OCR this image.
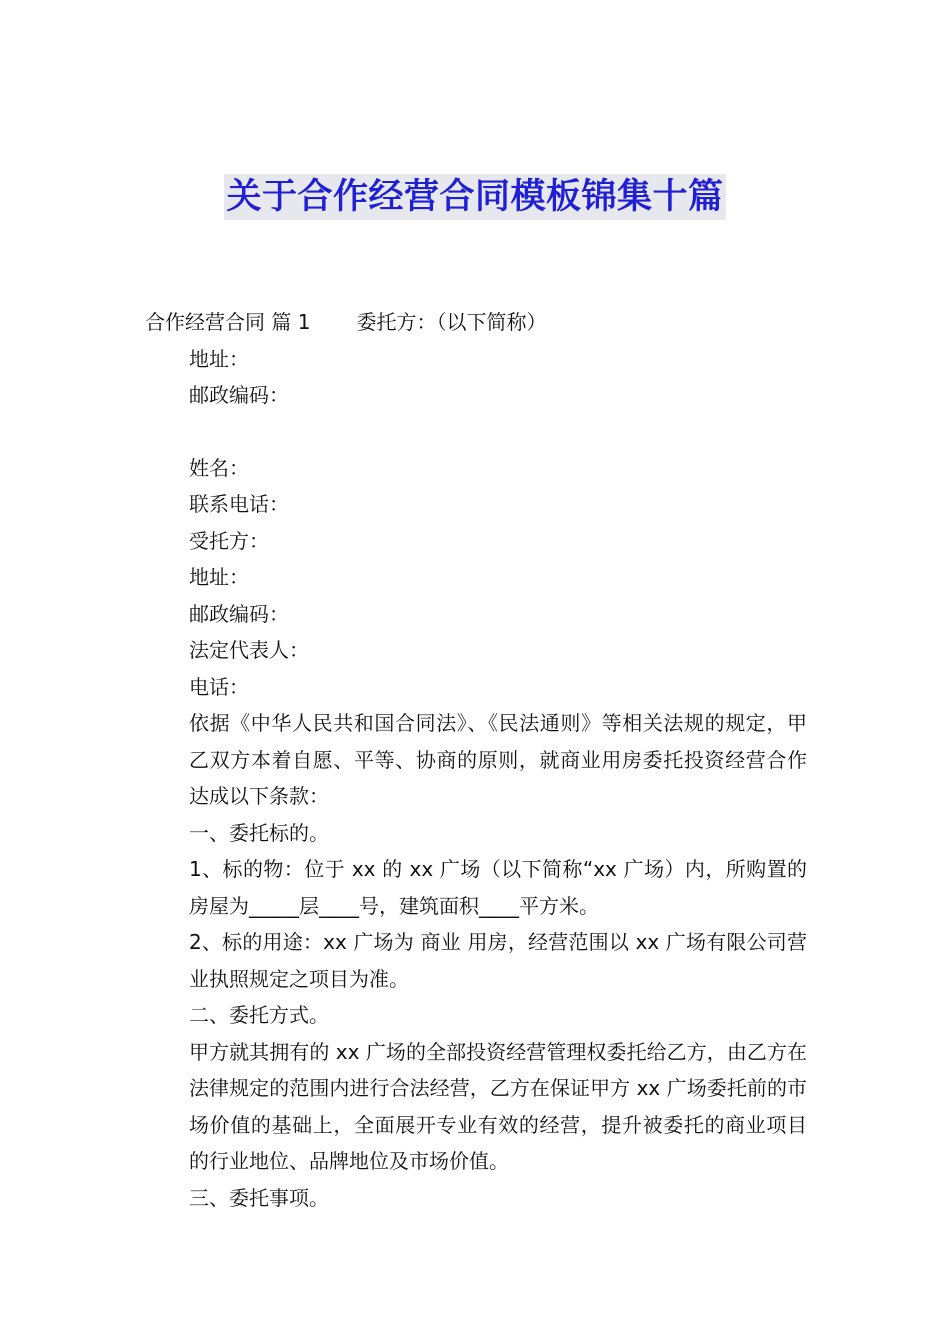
关于合作经营合同模板锦集十篇

合作经营合同 篇 1 委托方：（以下简称）

地址：

邮政编码：

姓名：

联系电话：

受托方：

地址：

邮政编码：

法定代表人：

电话：

依据《中华人民共和国合同法》、《民法通则》等相关法规的规定，甲乙双方本着自愿、平等、协商的原则，就商业用房委托投资经营合作达成以下条款：

一、委托标的。

1、标的物：位于 xx 的 xx 广场（以下简称“xx 广场）内，所购置的房屋为_____层____号，建筑面积____平方米。

2、标的用途：xx 广场为 商业 用房，经营范围以 xx 广场有限公司营业执照规定之项目为准。

二、委托方式。

甲方就其拥有的 xx 广场的全部投资经营管理权委托给乙方，由乙方在法律规定的范围内进行合法经营，乙方在保证甲方 xx 广场委托前的市场价值的基础上，全面展开专业有效的经营，提升被委托的商业项目的行业地位、品牌地位及市场价值。

三、委托事项。
